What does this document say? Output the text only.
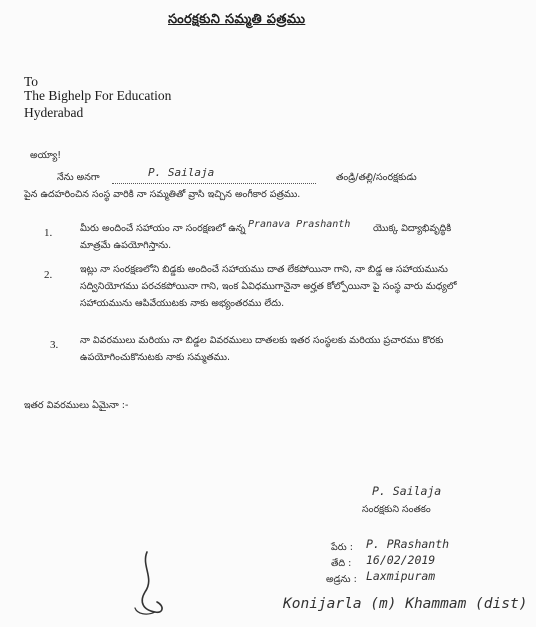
సంరక్షకుని సమ్మతి పత్రము
To
The Bighelp For Education
Hyderabad
అయ్యా!
నేను అనగా	P. Sailaja	తండ్రి/తల్లి/సంరక్షకుడు
పైన ఉదహరించిన సంస్థ వారికి నా సమ్మతితో వ్రాసి ఇచ్చిన అంగీకార పత్రము.
1.	మీరు అందించే సహాయం నా సంరక్షణలో ఉన్న Pranava Prashanth యొక్క విద్యాభివృద్ధికి
మాత్రమే ఉపయోగిస్తాను.
2.	ఇట్లు నా సంరక్షణలోని బిడ్డకు అందించే సహాయము దాత లేకపోయినా గాని, నా బిడ్డ ఆ సహాయమును
సద్వినియోగము పరచకపోయినా గాని, ఇంక ఏవిధముగానైనా అర్హత కోల్పోయినా పై సంస్థ వారు మధ్యలో
సహాయమును ఆపివేయుటకు నాకు అభ్యంతరము లేదు.
3. నా వివరములు మరియు నా బిడ్డల వివరములు దాతలకు ఇతర సంస్థలకు మరియు ప్రచారము కొరకు
ఉపయోగించుకొనుటకు నాకు సమ్మతము.
ఇతర వివరములు ఏమైనా :-
P. Sailaja
సంరక్షకుని సంతకం
పేరు : P. PRashanth
తేది : 16/02/2019
అడ్రను : Laxmipuram
Konijarla (m) Khammam (dist)
